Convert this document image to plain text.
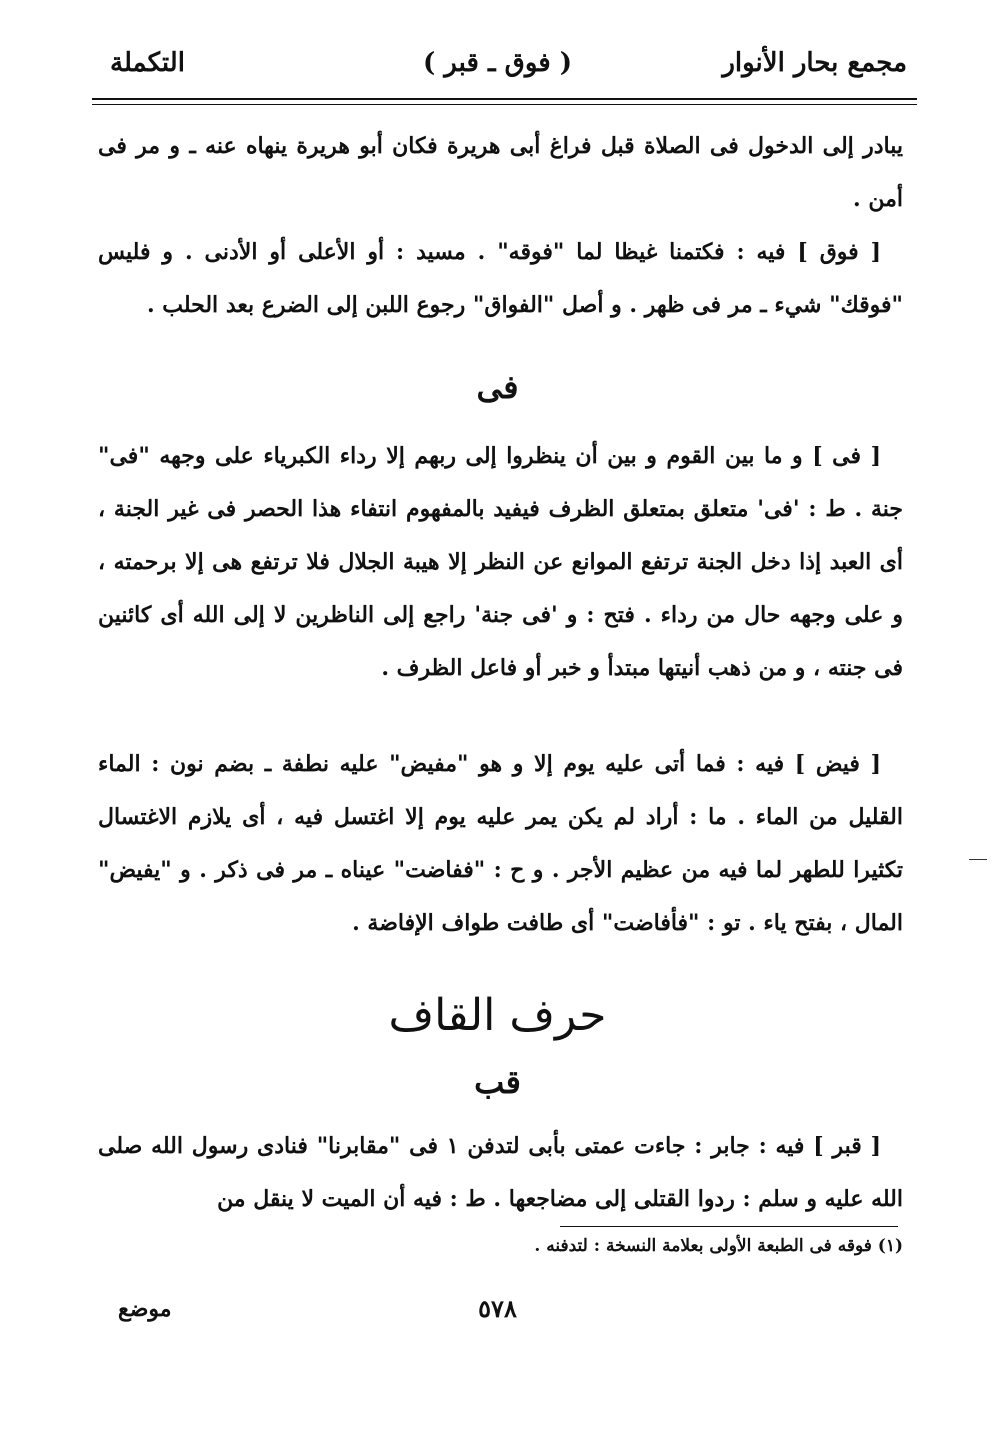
مجمع بحار الأنوار
( فوق ـ قبر )
التكملة
يبادر إلى الدخول فى الصلاة قبل فراغ أبى هريرة فكان أبو هريرة ينهاه عنه ـ و مر فى أمن .
[ فوق ] فيه : فكتمنا غيظا لما "فوقه" . مسيد : أو الأعلى أو الأدنى . و فليس "فوقك" شيء ـ مر فى ظهر . و أصل "الفواق" رجوع اللبن إلى الضرع بعد الحلب .
فى
[ فى ] و ما بين القوم و بين أن ينظروا إلى ربهم إلا رداء الكبرياء على وجهه "فى" جنة . ط : 'فى' متعلق بمتعلق الظرف فيفيد بالمفهوم انتفاء هذا الحصر فى غير الجنة ، أى العبد إذا دخل الجنة ترتفع الموانع عن النظر إلا هيبة الجلال فلا ترتفع هى إلا برحمته ، و على وجهه حال من رداء . فتح : و 'فى جنة' راجع إلى الناظرين لا إلى الله أى كائنين فى جنته ، و من ذهب أنيتها مبتدأ و خبر أو فاعل الظرف .
[ فيض ] فيه : فما أتى عليه يوم إلا و هو "مفيض" عليه نطفة ـ بضم نون : الماء القليل من الماء . ما : أراد لم يكن يمر عليه يوم إلا اغتسل فيه ، أى يلازم الاغتسال تكثيرا للطهر لما فيه من عظيم الأجر . و ح : "ففاضت" عيناه ـ مر فى ذكر . و "يفيض" المال ، بفتح ياء . تو : "فأفاضت" أى طافت طواف الإفاضة .
حرف القاف
قب
[ قبر ] فيه : جابر : جاءت عمتى بأبى لتدفن ١ فى "مقابرنا" فنادى رسول الله صلى الله عليه و سلم : ردوا القتلى إلى مضاجعها . ط : فيه أن الميت لا ينقل من
(١) فوقه فى الطبعة الأولى بعلامة النسخة : لتدفنه .
٥٧٨
موضع
